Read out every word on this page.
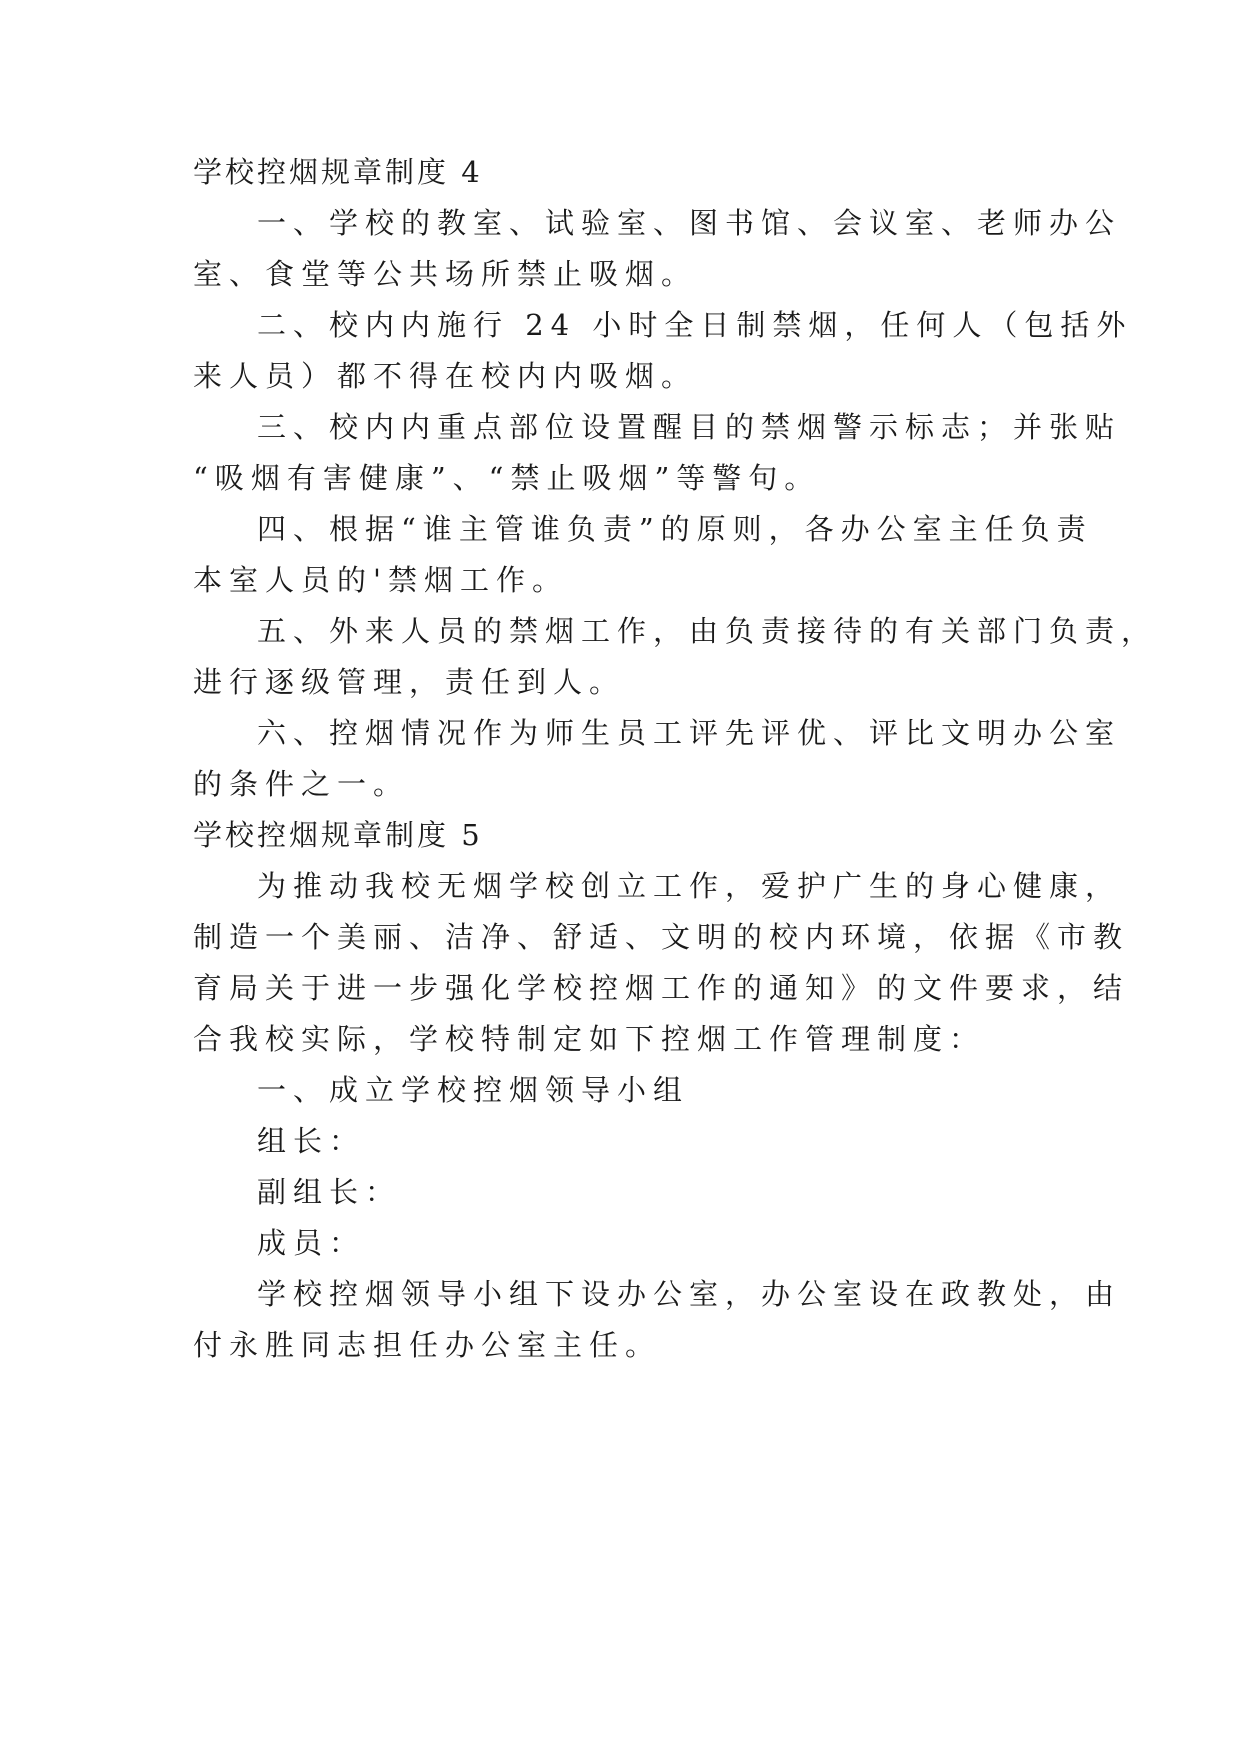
学校控烟规章制度 4
一、学校的教室、试验室、图书馆、会议室、老师办公
室、食堂等公共场所禁止吸烟。
二、校内内施行 24 小时全日制禁烟，任何人（包括外
来人员）都不得在校内内吸烟。
三、校内内重点部位设置醒目的禁烟警示标志；并张贴
“吸烟有害健康”、“禁止吸烟”等警句。
四、根据“谁主管谁负责”的原则，各办公室主任负责
本室人员的'禁烟工作。
五、外来人员的禁烟工作，由负责接待的有关部门负责，
进行逐级管理，责任到人。
六、控烟情况作为师生员工评先评优、评比文明办公室
的条件之一。
学校控烟规章制度 5
为推动我校无烟学校创立工作，爱护广生的身心健康，
制造一个美丽、洁净、舒适、文明的校内环境，依据《市教
育局关于进一步强化学校控烟工作的通知》的文件要求，结
合我校实际，学校特制定如下控烟工作管理制度：
一、成立学校控烟领导小组
组长：
副组长：
成员：
学校控烟领导小组下设办公室，办公室设在政教处，由
付永胜同志担任办公室主任。
